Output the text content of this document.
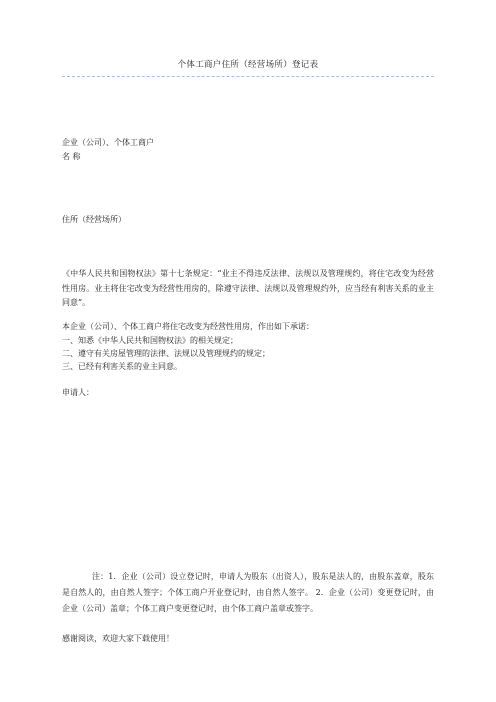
个体工商户住所（经营场所）登记表
企业（公司）、个体工商户
名 称
住所（经营场所）
《中华人民共和国物权法》第十七条规定：“业主不得违反法律、法规以及管理规约，将住宅改变为经营性用房。业主将住宅改变为经营性用房的，除遵守法律、法规以及管理规约外，应当经有利害关系的业主同意”。
本企业（公司）、个体工商户将住宅改变为经营性用房，作出如下承诺：
一、知悉《中华人民共和国物权法》的相关规定；
二、遵守有关房屋管理的法律、法规以及管理规约的规定；
三、已经有利害关系的业主同意。
申请人：
注：1．企业（公司）设立登记时，申请人为股东（出资人），股东是法人的，由股东盖章，股东是自然人的，由自然人签字；个体工商户开业登记时，由自然人签字。 2．企业（公司）变更登记时，由企业（公司）盖章；个体工商户变更登记时，由个体工商户盖章或签字。
感谢阅读，欢迎大家下载使用！
